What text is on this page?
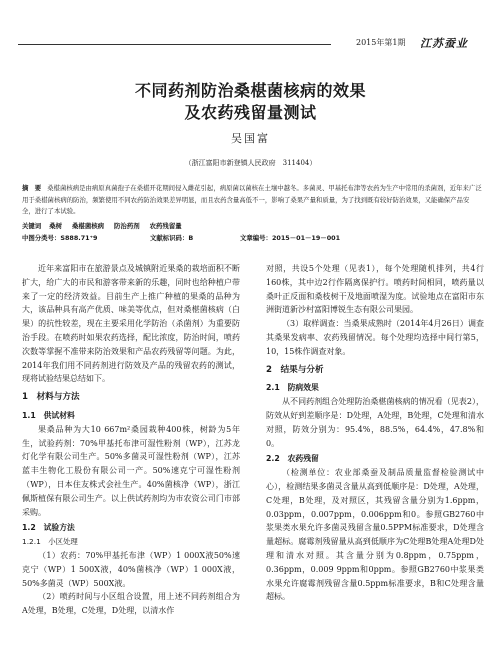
2015年第1期 江苏蚕业
不同药剂防治桑椹菌核病的效果
及农药残留量测试
吴国富
（浙江富阳市新登镇人民政府　311404）
摘　要 桑椹菌核病是由病原真菌孢子在桑椹开花期间侵入雌花引起，病原菌以菌核在土壤中越冬。多菌灵、甲基托布津等农药为生产中常用的杀菌剂，近年来广泛用于桑椹菌核病的防治，频繁使用不同农药防治效果差异明显，而且农药含量高低不一，影响了桑果产量和质量，为了找到既有较好防治效果，又能确保产品安全，进行了本试验。
关键词 桑树 桑椹菌核病 防治药剂 农药残留量
中图分类号：S888.71⁺9	文献标识码：B	文章编号：2015－01－19－001

近年来富阳市在旅游景点及城镇附近果桑的栽培面积不断扩大，给广大的市民和游客带来新的乐趣，同时也给种植户带来了一定的经济效益。目前生产上推广种植的果桑的品种为大，该品种具有高产优质、味美等优点，但对桑椹菌核病（白果）的抗性较差，现在主要采用化学防治（杀菌剂）为重要防治手段。在喷药时如果农药选择，配比浓度，防治时间，喷药次数等掌握不准带来防治效果和产品农药残留等问题。为此，2014年我们用不同药剂进行防效及产品的残留农药的测试，现将试验结果总结如下。

1　材料与方法
1.1　供试材料

果桑品种为大10 667m²桑园栽种400株，树龄为5年生，试验药剂：70%甲基托布津可湿性粉剂（WP），江苏龙灯化学有限公司生产。50%多菌灵可湿性粉剂（WP），江苏蓝丰生物化工股份有限公司一产。50%速克宁可湿性粉剂（WP），日本住友株式会社生产。40%菌核净（WP），浙江佩斯植保有限公司生产。以上供试药剂均为市农资公司门市部采购。

1.2　试验方法
1.2.1　小区处理

（1）农药：70%甲基托布津（WP）1 000X液50%速克宁（WP）1 500X液，40%菌核净（WP）1 000X液，50%多菌灵（WP）500X液。

（2）喷药时间与小区组合设置，用上述不同药剂组合为A处理，B处理，C处理，D处理，以清水作

对照，共设5个处理（见表1），每个处理随机排列，共4行160株，其中边2行作隔离保护行。喷药时间相同，喷药量以桑叶正反面和桑枝树干及地面喷湿为度。试验地点在富阳市东洲街道新沙村富阳博锐生态有限公司果园。

（3）取样调查：当桑果成熟时（2014年4月26日）调查其桑果发病率、农药残留情况。每个处理均选择中间行第5，10，15株作调查对象。

2　结果与分析
2.1　防病效果

从不同药剂组合处理防治桑椹菌核病的情况看（见表2），防效从好到差顺序是：D处理，A处理，B处理，C处理和清水对照，防效分别为：95.4%，88.5%，64.4%，47.8%和0。

2.2　农药残留

（检测单位：农业部桑蚕及制品质量监督检验测试中心），检测结果多菌灵含量从高到低顺序是：D处理，A处理，C处理，B处理，及对照区，其残留含量分别为1.6ppm，0.03ppm，0.007ppm，0.006ppm和0。参照GB2760中浆果类水果允许多菌灵残留含量0.5PPM标准要求，D处理含量超标。腐霉剂残留量从高到低顺序为C处理B处理A处理D处理和清水对照。其含量分别为0.8ppm，0.75ppm，0.36ppm，0.009 9ppm和0ppm。参照GB2760中浆果类水果允许腐霉剂残留含量0.5ppm标准要求，B和C处理含量超标。
